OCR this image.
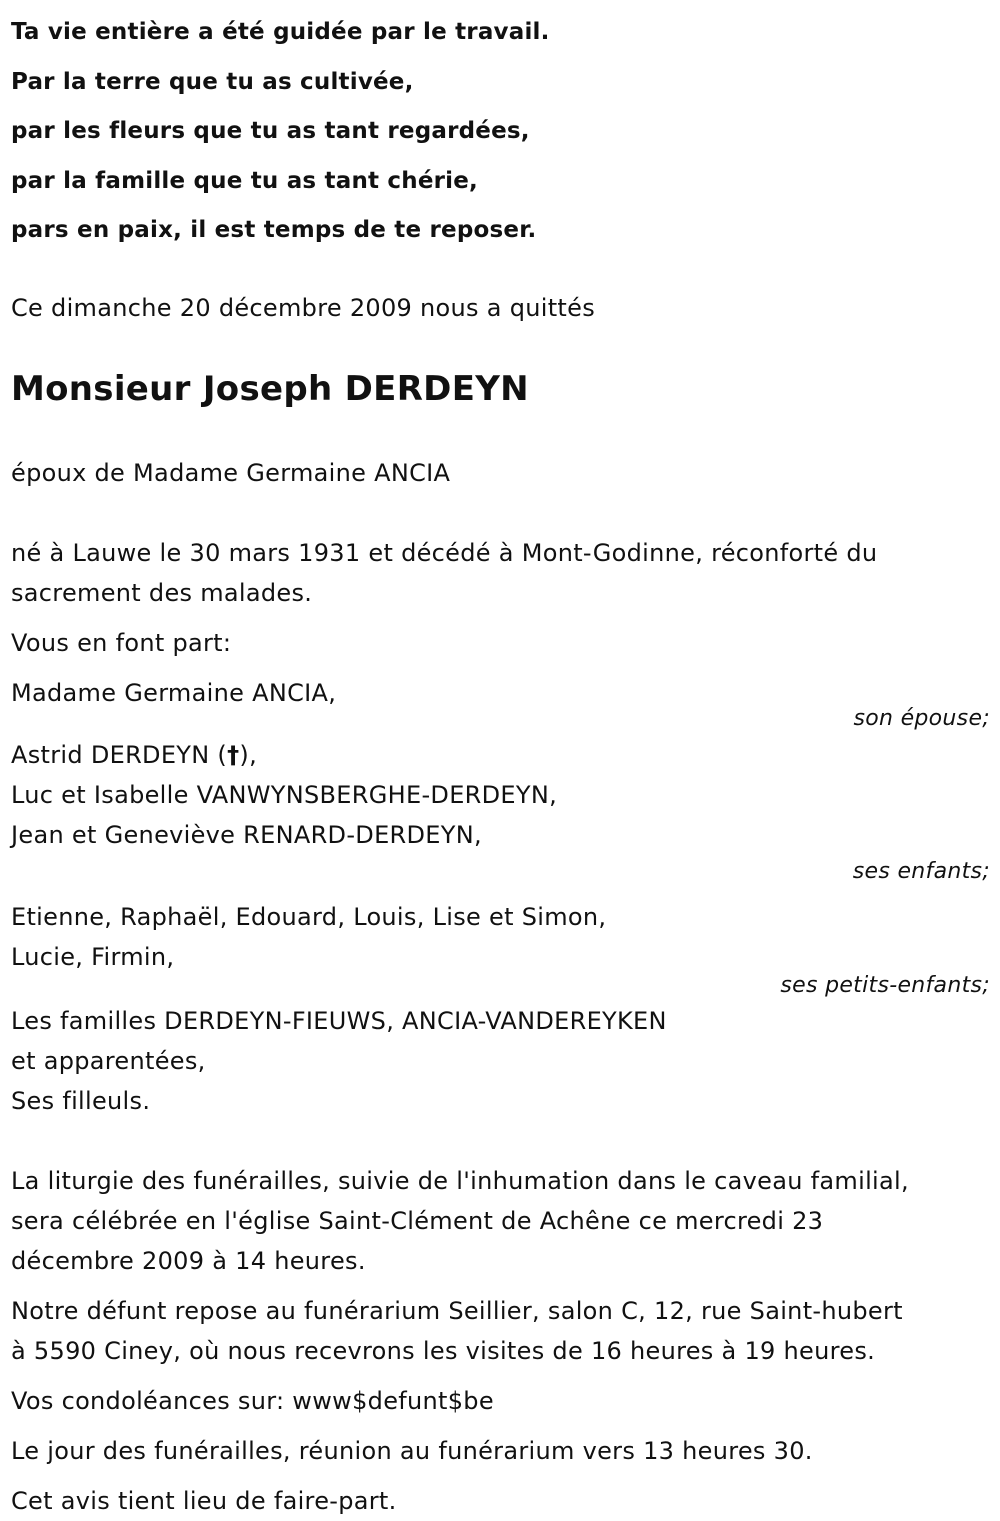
Ta vie entière a été guidée par le travail.
Par la terre que tu as cultivée,
par les fleurs que tu as tant regardées,
par la famille que tu as tant chérie,
pars en paix, il est temps de te reposer.

Ce dimanche 20 décembre 2009 nous a quittés

Monsieur Joseph DERDEYN

époux de Madame Germaine ANCIA

né à Lauwe le 30 mars 1931 et décédé à Mont-Godinne, réconforté du

sacrement des malades.

Vous en font part:

Madame Germaine ANCIA,

son épouse;

Astrid DERDEYN (†),

Luc et Isabelle VANWYNSBERGHE-DERDEYN,

Jean et Geneviève RENARD-DERDEYN,

ses enfants;

Etienne, Raphaël, Edouard, Louis, Lise et Simon,

Lucie, Firmin,

ses petits-enfants;

Les familles DERDEYN-FIEUWS, ANCIA-VANDEREYKEN

et apparentées,

Ses filleuls.

La liturgie des funérailles, suivie de l'inhumation dans le caveau familial,

sera célébrée en l'église Saint-Clément de Achêne ce mercredi 23

décembre 2009 à 14 heures.

Notre défunt repose au funérarium Seillier, salon C, 12, rue Saint-hubert

à 5590 Ciney, où nous recevrons les visites de 16 heures à 19 heures.

Vos condoléances sur: www$defunt$be

Le jour des funérailles, réunion au funérarium vers 13 heures 30.

Cet avis tient lieu de faire-part.
